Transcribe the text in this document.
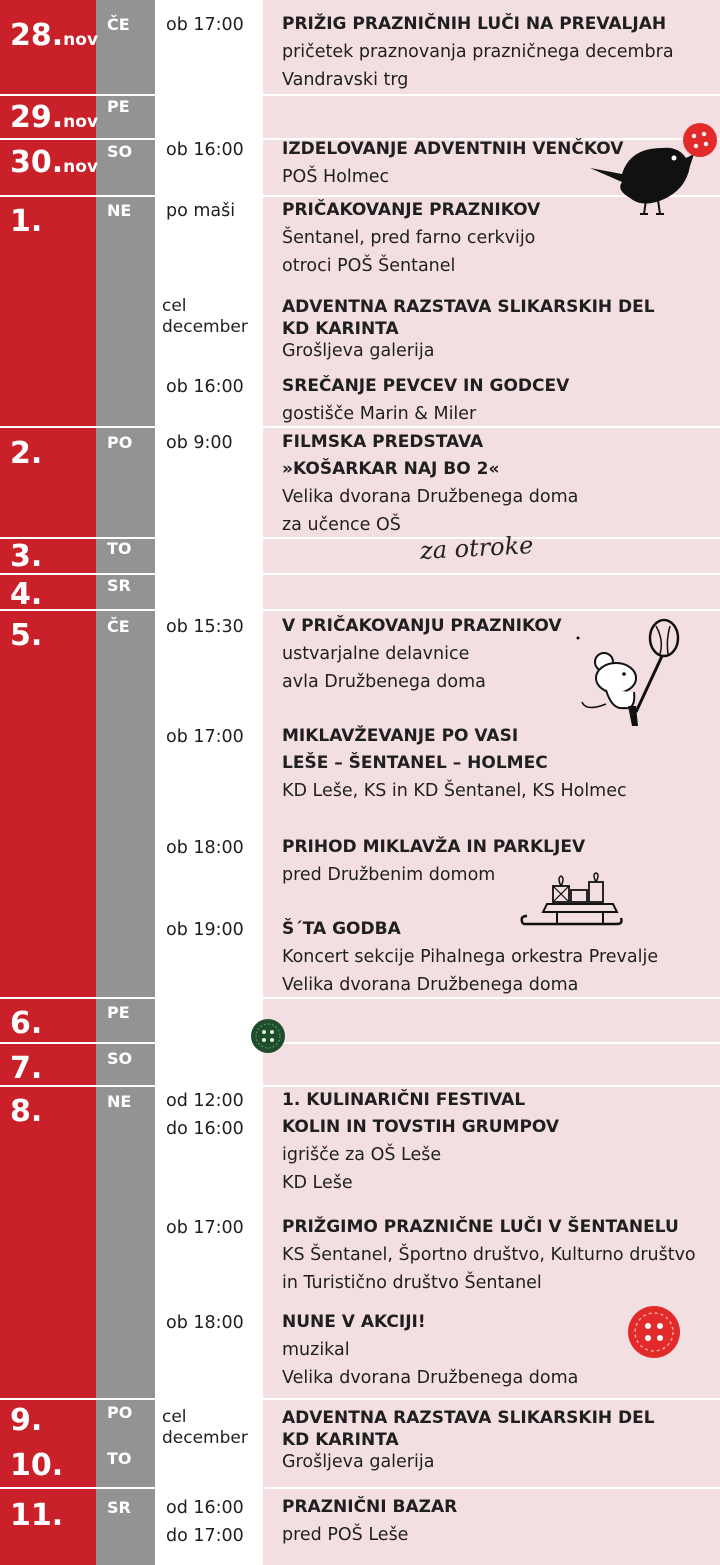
28.nov
29.nov
30.nov
1.
2.
3.
4.
5.
6.
7.
8.
9.
10.
11.
ČE
PE
SO
NE
PO
TO
SR
ČE
PE
SO
NE
PO
TO
SR
ob 17:00 PRIŽIG PRAZNIČNIH LUČI NA PREVALJAH
pričetek praznovanja prazničnega decembra
Vandravski trg
ob 16:00 IZDELOVANJE ADVENTNIH VENČKOV
POŠ Holmec
po maši	PRIČAKOVANJE PRAZNIKOV
Šentanel, pred farno cerkvijo
otroci POŠ Šentanel
cel
december
ADVENTNA RAZSTAVA SLIKARSKIH DEL
KD KARINTA
Grošljeva galerija
ob 16:00 SREČANJE PEVCEV IN GODCEV
gostišče Marin & Miler
ob 9:00	FILMSKA PREDSTAVA
»KOŠARKAR NAJ BO 2«
Velika dvorana Družbenega doma
za učence OŠ
ob 15:30 V PRIČAKOVANJU PRAZNIKOV
ustvarjalne delavnice
avla Družbenega doma
ob 17:00 MIKLAVŽEVANJE PO VASI
LEŠE – ŠENTANEL – HOLMEC
KD Leše, KS in KD Šentanel, KS Holmec
ob 18:00 PRIHOD MIKLAVŽA IN PARKLJEV
pred Družbenim domom
ob 19:00 Š´TA GODBA
Koncert sekcije Pihalnega orkestra Prevalje
Velika dvorana Družbenega doma
od 12:00
do 16:00
1. KULINARIČNI FESTIVAL
KOLIN IN TOVSTIH GRUMPOV
igrišče za OŠ Leše
KD Leše
ob 17:00 PRIŽGIMO PRAZNIČNE LUČI V ŠENTANELU
KS Šentanel, Športno društvo, Kulturno društvo
in Turistično društvo Šentanel
ob 18:00 NUNE V AKCIJI!
muzikal
Velika dvorana Družbenega doma
cel
december
ADVENTNA RAZSTAVA SLIKARSKIH DEL
KD KARINTA
Grošljeva galerija
od 16:00
do 17:00
PRAZNIČNI BAZAR
pred POŠ Leše
za otroke
